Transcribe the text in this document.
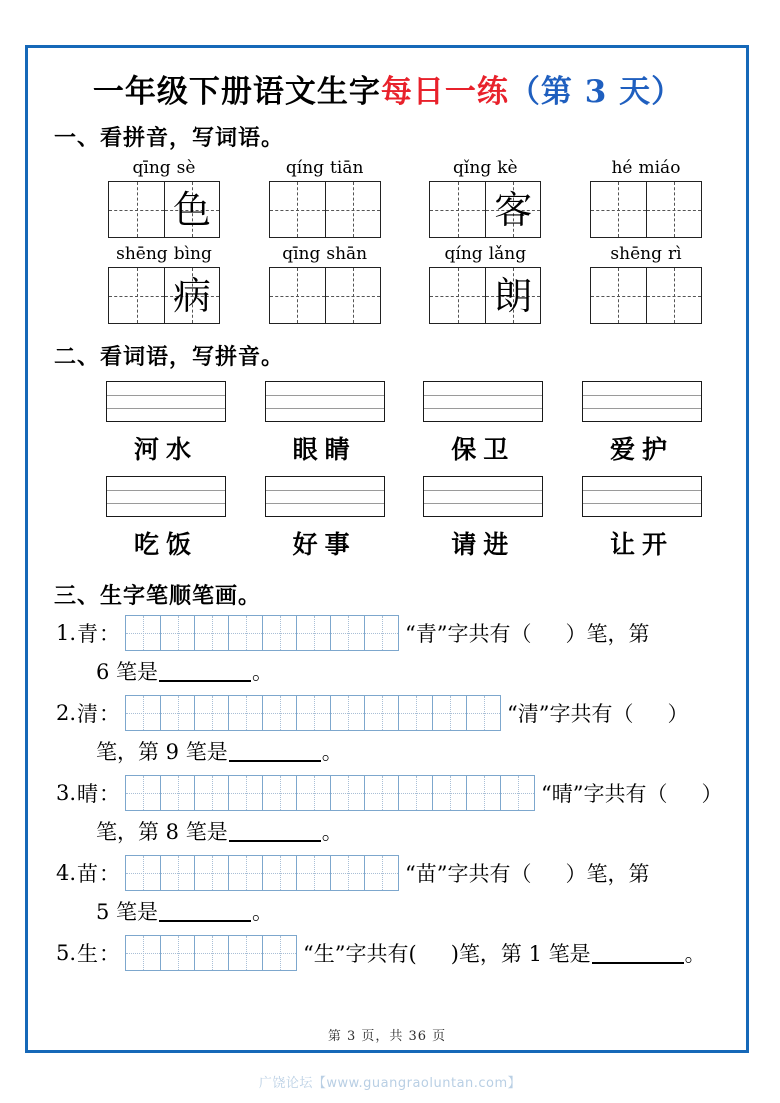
一年级下册语文生字每日一练（第 3 天）
一、看拼音，写词语。
qīng sè
色
qíng tiān	qǐng kè
客
hé miáo
shēng bìng
病
qīng shān	qíng lǎng
朗
shēng rì
二、看词语，写拼音。
河水	眼睛	保卫	爱护
吃饭	好事	请进	让开
三、生字笔顺笔画。
1. 青 ：	“青”字共有（ ）笔，第
6 笔是	。
2. 清 ：	“清”字共有（ ）
笔，第 9 笔是	。
3. 晴 ：	“晴”字共有（ ）
笔，第 8 笔是	。
4. 苗 ：	“苗”字共有（ ）笔，第
5 笔是	。
5. 生 ：	“生”字共有( )笔，第 1 笔是	。
第 3 页，共 36 页
广饶论坛【www.guangraoluntan.com】
